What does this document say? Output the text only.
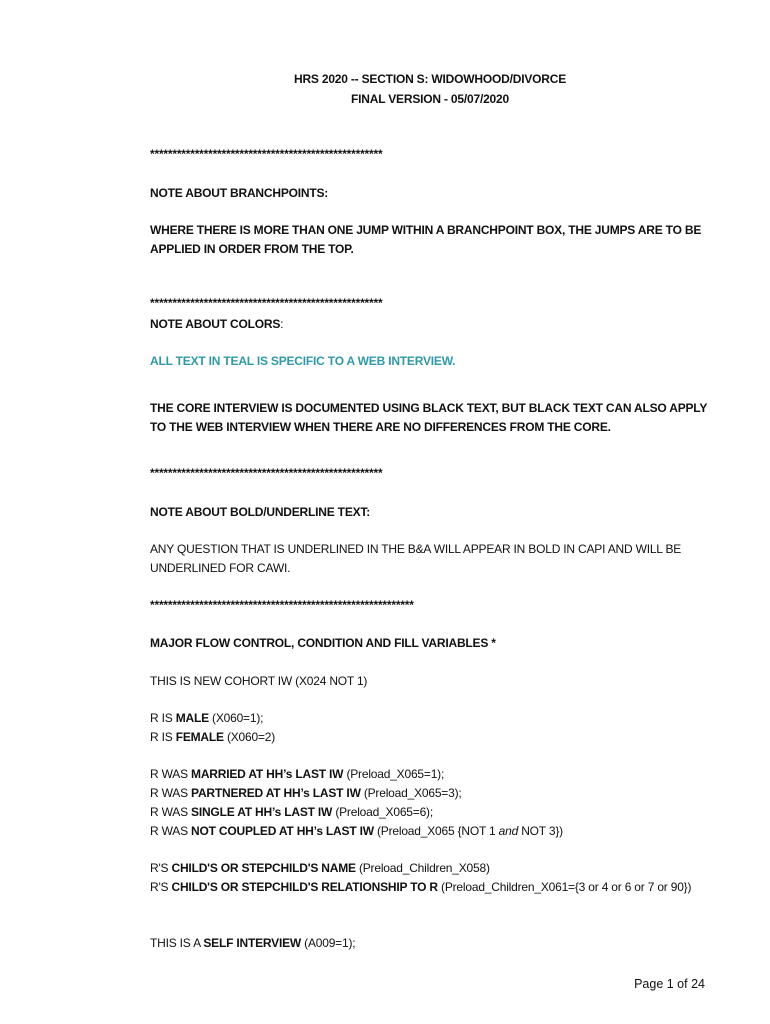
HRS 2020 -- SECTION S: WIDOWHOOD/DIVORCE
FINAL VERSION - 05/07/2020
****************************************************
NOTE ABOUT BRANCHPOINTS:
WHERE THERE IS MORE THAN ONE JUMP WITHIN A BRANCHPOINT BOX, THE JUMPS ARE TO BE APPLIED IN ORDER FROM THE TOP.
****************************************************
NOTE ABOUT COLORS:
ALL TEXT IN TEAL IS SPECIFIC TO A WEB INTERVIEW.
THE CORE INTERVIEW IS DOCUMENTED USING BLACK TEXT, BUT BLACK TEXT CAN ALSO APPLY TO THE WEB INTERVIEW WHEN THERE ARE NO DIFFERENCES FROM THE CORE.
****************************************************
NOTE ABOUT BOLD/UNDERLINE TEXT:
ANY QUESTION THAT IS UNDERLINED IN THE B&A WILL APPEAR IN BOLD IN CAPI AND WILL BE UNDERLINED FOR CAWI.
***********************************************************
MAJOR FLOW CONTROL, CONDITION AND FILL VARIABLES *
THIS IS NEW COHORT IW (X024 NOT 1)
R IS MALE (X060=1);
R IS FEMALE (X060=2)
R WAS MARRIED AT HH’s LAST IW (Preload_X065=1);
R WAS PARTNERED AT HH’s LAST IW (Preload_X065=3);
R WAS SINGLE AT HH’s LAST IW (Preload_X065=6);
R WAS NOT COUPLED AT HH’s LAST IW (Preload_X065 {NOT 1 and NOT 3})
R'S CHILD'S OR STEPCHILD'S NAME (Preload_Children_X058)
R'S CHILD'S OR STEPCHILD'S RELATIONSHIP TO R (Preload_Children_X061={3 or 4 or 6 or 7 or 90})
THIS IS A SELF INTERVIEW (A009=1);
Page 1 of 24
